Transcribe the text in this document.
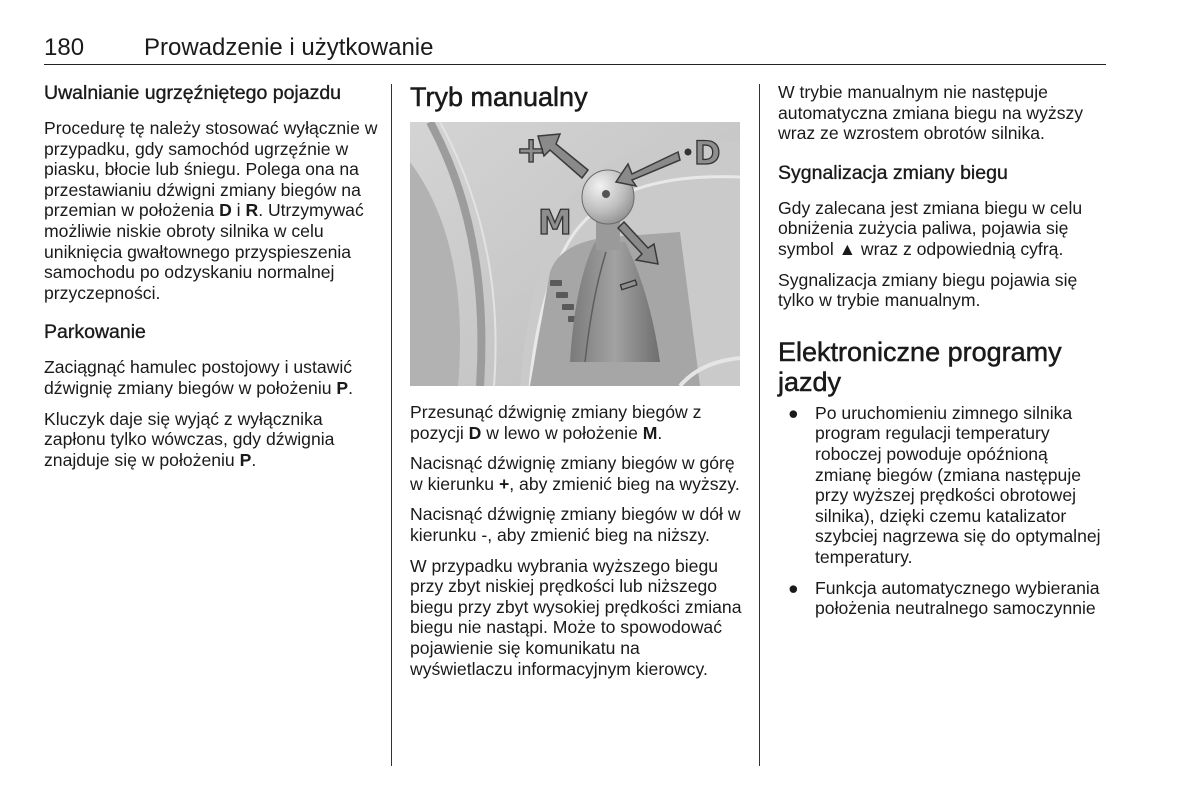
180 Prowadzenie i użytkowanie
Uwalnianie ugrzęźniętego pojazdu

Procedurę tę należy stosować wyłącznie w przypadku, gdy samochód ugrzęźnie w piasku, błocie lub śniegu. Polega ona na przestawianiu dźwigni zmiany biegów na przemian w położenia D i R. Utrzymywać możliwie niskie obroty silnika w celu uniknięcia gwałtownego przyspieszenia samochodu po odzyskaniu normalnej przyczepności.

Parkowanie

Zaciągnąć hamulec postojowy i ustawić dźwignię zmiany biegów w położeniu P.

Kluczyk daje się wyjąć z wyłącznika zapłonu tylko wówczas, gdy dźwignia znajduje się w położeniu P.

Tryb manualny
+	D
M
–

Przesunąć dźwignię zmiany biegów z pozycji D w lewo w położenie M.

Nacisnąć dźwignię zmiany biegów w górę w kierunku +, aby zmienić bieg na wyższy.

Nacisnąć dźwignię zmiany biegów w dół w kierunku -, aby zmienić bieg na niższy.

W przypadku wybrania wyższego biegu przy zbyt niskiej prędkości lub niższego biegu przy zbyt wysokiej prędkości zmiana biegu nie nastąpi. Może to spowodować pojawienie się komunikatu na wyświetlaczu informacyjnym kierowcy.

W trybie manualnym nie następuje automatyczna zmiana biegu na wyższy wraz ze wzrostem obrotów silnika.

Sygnalizacja zmiany biegu

Gdy zalecana jest zmiana biegu w celu obniżenia zużycia paliwa, pojawia się symbol ▲ wraz z odpowiednią cyfrą.

Sygnalizacja zmiany biegu pojawia się tylko w trybie manualnym.

Elektroniczne programy jazdy
● Po uruchomieniu zimnego silnika program regulacji temperatury roboczej powoduje opóźnioną zmianę biegów (zmiana następuje przy wyższej prędkości obrotowej silnika), dzięki czemu katalizator szybciej nagrzewa się do optymalnej temperatury.
● Funkcja automatycznego wybierania położenia neutralnego samoczynnie
